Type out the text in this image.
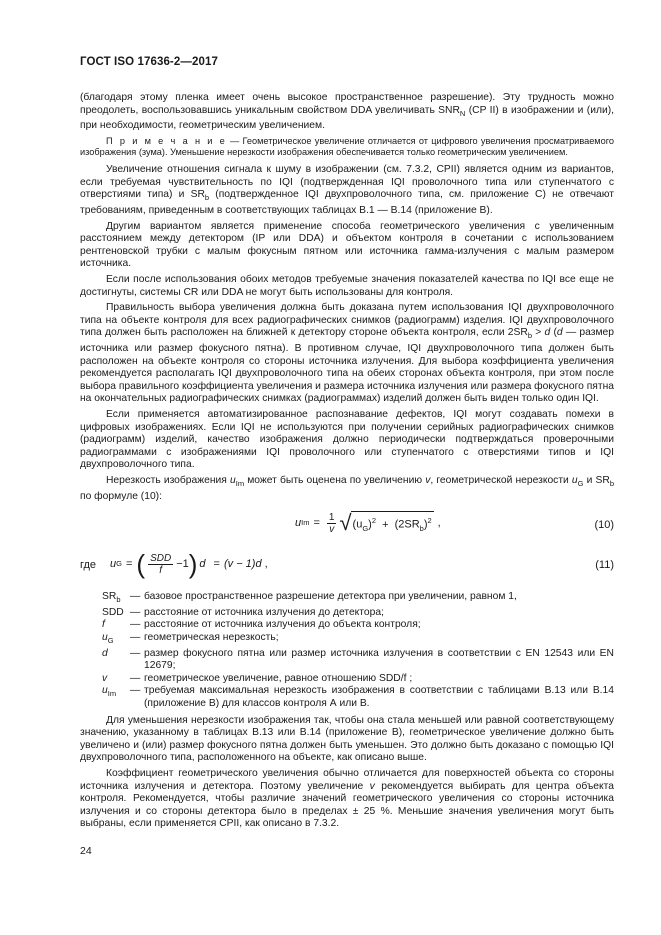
ГОСТ ISO 17636-2—2017

(благодаря этому пленка имеет очень высокое пространственное разрешение). Эту трудность можно преодолеть, воспользовавшись уникальным свойством DDA увеличивать $SNR_N$ (CP II) в изображении и (или), при необходимости, геометрическим увеличением.

П р и м е ч а н и е — Геометрическое увеличение отличается от цифрового увеличения просматриваемого изображения (зума). Уменьшение нерезкости изображения обеспечивается только геометрическим увеличением.

Увеличение отношения сигнала к шуму в изображении (см. 7.3.2, CPII) является одним из вариантов, если требуемая чувствительность по IQI (подтвержденная IQI проволочного типа или ступенчатого с отверстиями типа) и $SR_b$ (подтвержденное IQI двухпроволочного типа, см. приложение С) не отвечают требованиям, приведенным в соответствующих таблицах В.1 — В.14 (приложение В).

Другим вариантом является применение способа геометрического увеличения с увеличенным расстоянием между детектором (IP или DDA) и объектом контроля в сочетании с использованием рентгеновской трубки с малым фокусным пятном или источника гамма-излучения с малым размером источника.

Если после использования обоих методов требуемые значения показателей качества по IQI все еще не достигнуты, системы CR или DDA не могут быть использованы для контроля.

Правильность выбора увеличения должна быть доказана путем использования IQI двухпроволочного типа на объекте контроля для всех радиографических снимков (радиограмм) изделия. IQI двухпроволочного типа должен быть расположен на ближней к детектору стороне объекта контроля, если $2SR_b > d$ (d — размер источника или размер фокусного пятна). В противном случае, IQI двухпроволочного типа должен быть расположен на объекте контроля со стороны источника излучения. Для выбора коэффициента увеличения рекомендуется располагать IQI двухпроволочного типа на обеих сторонах объекта контроля, при этом после выбора правильного коэффициента увеличения и размера источника излучения или размера фокусного пятна на окончательных радиографических снимках (радиограммах) изделий должен быть виден только один IQI.

Если применяется автоматизированное распознавание дефектов, IQI могут создавать помехи в цифровых изображениях. Если IQI не используются при получении серийных радиографических снимков (радиограмм) изделий, качество изображения должно периодически подтверждаться проверочными радиограммами с изображениями IQI проволочного или ступенчатого с отверстиями типов и IQI двухпроволочного типа.

Нерезкость изображения $u_{Im}$ может быть оценена по увеличению v, геометрической нерезкости $u_G$ и $SR_b$ по формуле (10):

u $Im = \frac{1}{v}$ √ $(u_G)^2 + (2SR_b)^2$ ,	(10)
где u G = ( $\frac{\text{SDD}}{f} -1$ ) d = (v − 1)d ,	(11)
$SR_b$ — базовое пространственное разрешение детектора при увеличении, равном 1,
SDD — расстояние от источника излучения до детектора;
f	— расстояние от источника излучения до объекта контроля;
$u_G$	— геометрическая нерезкость;
d	— размер фокусного пятна или размер источника излучения в соответствии с EN 12543 или EN 12679;
v	— геометрическое увеличение, равное отношению SDD/f ;
$u_{Im}$	— требуемая максимальная нерезкость изображения в соответствии с таблицами В.13 или В.14 (приложение В) для классов контроля А или В.

Для уменьшения нерезкости изображения так, чтобы она стала меньшей или равной соответствующему значению, указанному в таблицах В.13 или В.14 (приложение В), геометрическое увеличение должно быть увеличено и (или) размер фокусного пятна должен быть уменьшен. Это должно быть доказано с помощью IQI двухпроволочного типа, расположенного на объекте, как описано выше.

Коэффициент геометрического увеличения обычно отличается для поверхностей объекта со стороны источника излучения и детектора. Поэтому увеличение v рекомендуется выбирать для центра объекта контроля. Рекомендуется, чтобы различие значений геометрического увеличения со стороны источника излучения и со стороны детектора было в пределах ± 25 %. Меньшие значения увеличения могут быть выбраны, если применяется CPII, как описано в 7.3.2.

24
